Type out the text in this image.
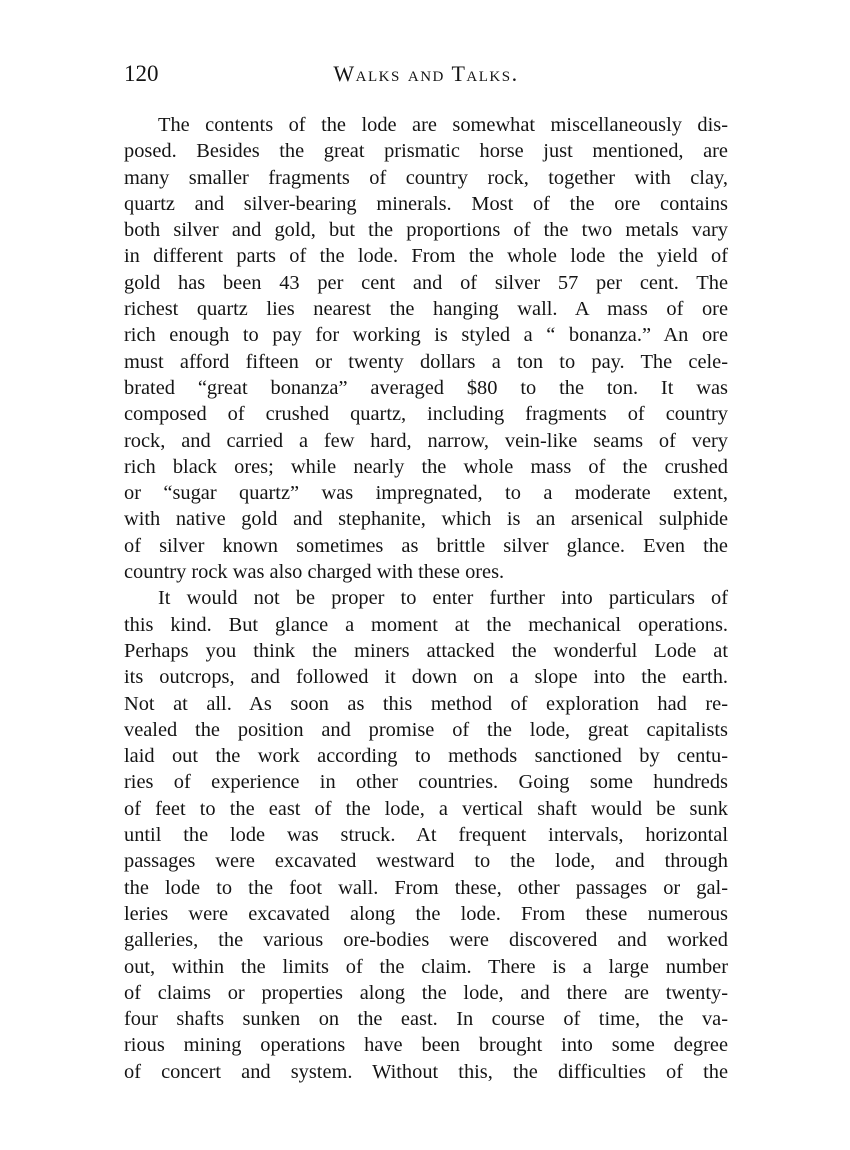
120	Walks and Talks.
The contents of the lode are somewhat miscellaneously dis-
posed. Besides the great prismatic horse just mentioned, are
many smaller fragments of country rock, together with clay,
quartz and silver-bearing minerals. Most of the ore contains
both silver and gold, but the proportions of the two metals vary
in different parts of the lode. From the whole lode the yield of
gold has been 43 per cent and of silver 57 per cent. The
richest quartz lies nearest the hanging wall. A mass of ore
rich enough to pay for working is styled a “ bonanza.” An ore
must afford fifteen or twenty dollars a ton to pay. The cele-
brated “great bonanza” averaged $80 to the ton. It was
composed of crushed quartz, including fragments of country
rock, and carried a few hard, narrow, vein-like seams of very
rich black ores; while nearly the whole mass of the crushed
or “sugar quartz” was impregnated, to a moderate extent,
with native gold and stephanite, which is an arsenical sulphide
of silver known sometimes as brittle silver glance. Even the
country rock was also charged with these ores.
It would not be proper to enter further into particulars of
this kind. But glance a moment at the mechanical operations.
Perhaps you think the miners attacked the wonderful Lode at
its outcrops, and followed it down on a slope into the earth.
Not at all. As soon as this method of exploration had re-
vealed the position and promise of the lode, great capitalists
laid out the work according to methods sanctioned by centu-
ries of experience in other countries. Going some hundreds
of feet to the east of the lode, a vertical shaft would be sunk
until the lode was struck. At frequent intervals, horizontal
passages were excavated westward to the lode, and through
the lode to the foot wall. From these, other passages or gal-
leries were excavated along the lode. From these numerous
galleries, the various ore-bodies were discovered and worked
out, within the limits of the claim. There is a large number
of claims or properties along the lode, and there are twenty-
four shafts sunken on the east. In course of time, the va-
rious mining operations have been brought into some degree
of concert and system. Without this, the difficulties of the
